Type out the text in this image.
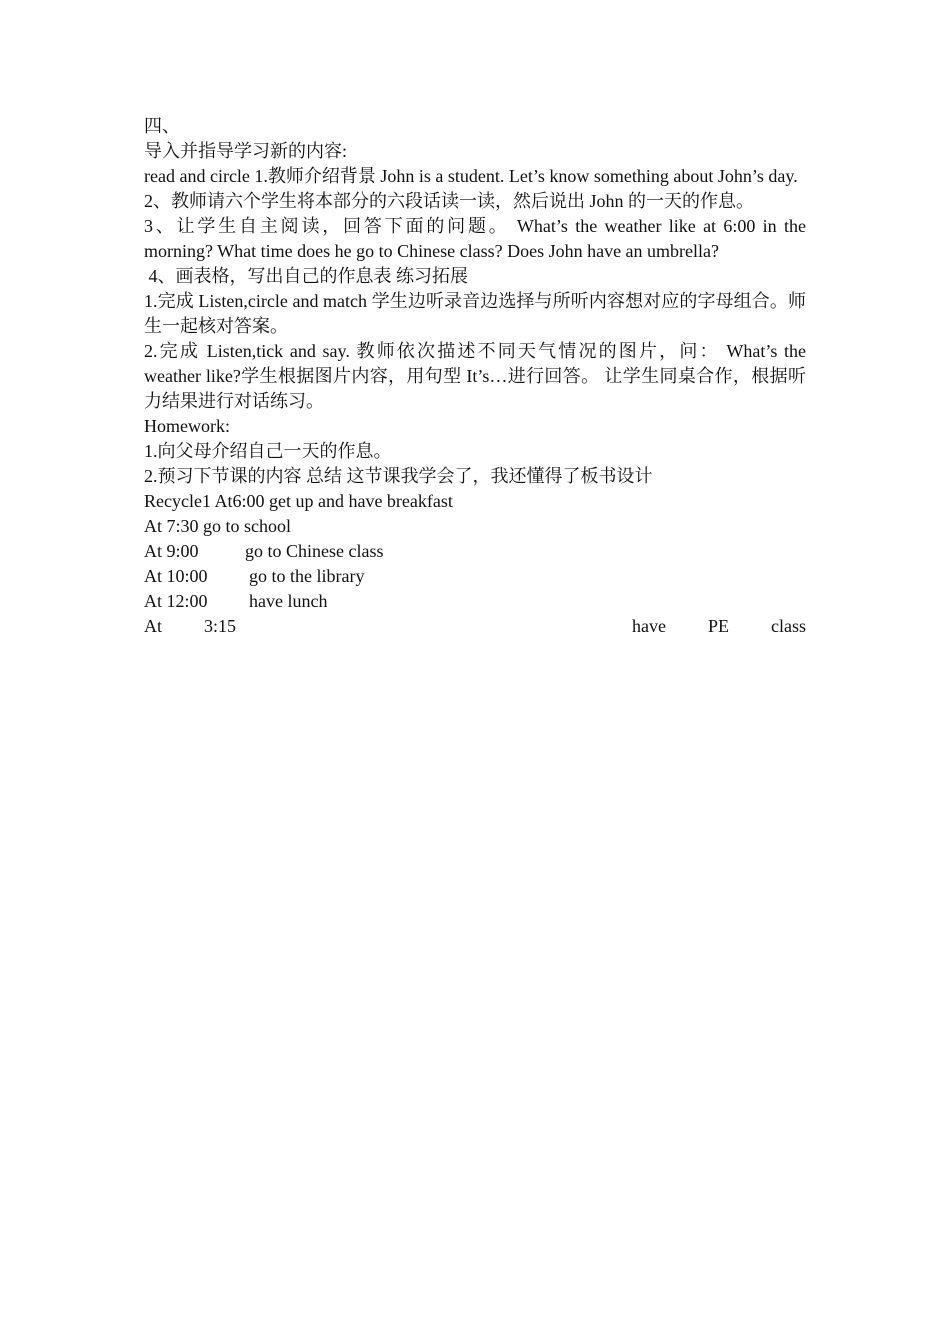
四、

导入并指导学习新的内容:

read and circle 1.教师介绍背景 John is a student. Let’s know something about John’s day.

2、教师请六个学生将本部分的六段话读一读，然后说出 John 的一天的作息。

3、让学生自主阅读，回答下面的问题。 What’s the weather like at 6:00 in the morning? What time does he go to Chinese class? Does John have an umbrella?

4、画表格，写出自己的作息表 练习拓展

1.完成 Listen,circle and match 学生边听录音边选择与所听内容想对应的字母组合。师生一起核对答案。

2.完成 Listen,tick and say. 教师依次描述不同天气情况的图片，问： What’s the weather like?学生根据图片内容，用句型 It’s…进行回答。 让学生同桌合作，根据听力结果进行对话练习。

Homework:

1.向父母介绍自己一天的作息。

2.预习下节课的内容 总结 这节课我学会了，我还懂得了板书设计

Recycle1 At6:00 get up and have breakfast

At 7:30 go to school

At 9:00	go to Chinese class

At 10:00	go to the library

At 12:00	have lunch

At 3:15	have PE class
